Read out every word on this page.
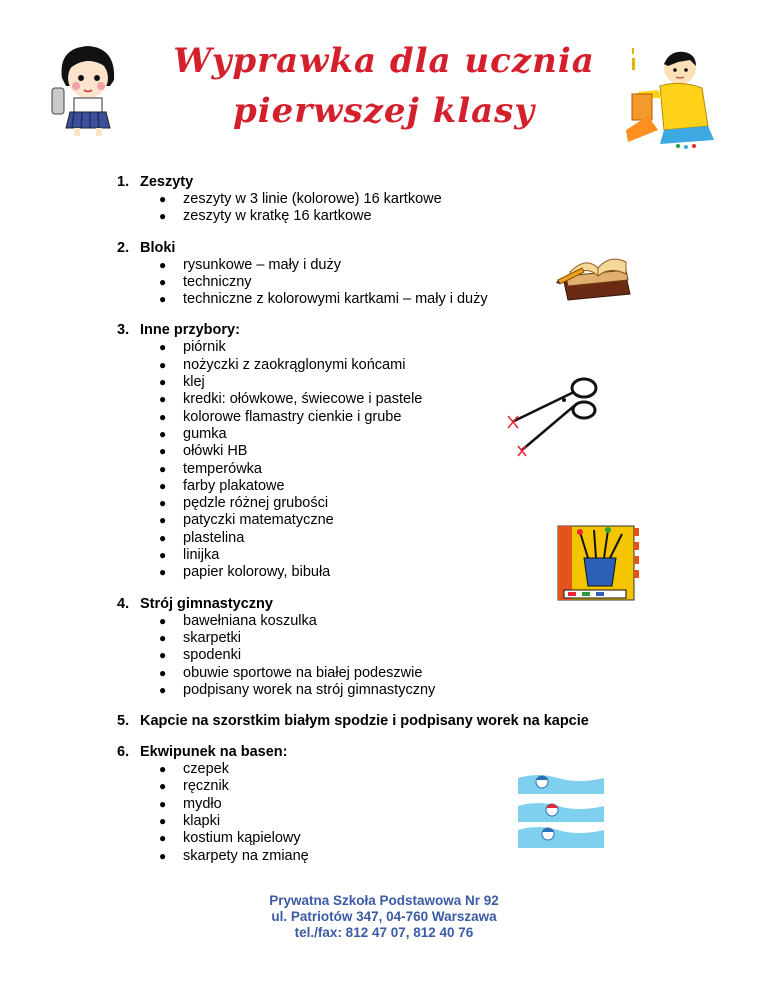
Wyprawka dla ucznia
pierwszej klasy
1. Zeszyty
● zeszyty w 3 linie (kolorowe) 16 kartkowe
● zeszyty w kratkę 16 kartkowe
2. Bloki
● rysunkowe – mały i duży
● techniczny
● techniczne z kolorowymi kartkami – mały i duży
3. Inne przybory:
● piórnik
● nożyczki z zaokrąglonymi końcami
● klej
● kredki: ołówkowe, świecowe i pastele
● kolorowe flamastry cienkie i grube
● gumka
● ołówki HB
● temperówka
● farby plakatowe
● pędzle różnej grubości
● patyczki matematyczne
● plastelina
● linijka
● papier kolorowy, bibuła
4. Strój gimnastyczny
● bawełniana koszulka
● skarpetki
● spodenki
● obuwie sportowe na białej podeszwie
● podpisany worek na strój gimnastyczny
5. Kapcie na szorstkim białym spodzie i podpisany worek na kapcie
6. Ekwipunek na basen:
● czepek
● ręcznik
● mydło
● klapki
● kostium kąpielowy
● skarpety na zmianę
Prywatna Szkoła Podstawowa Nr 92
ul. Patriotów 347, 04-760 Warszawa
tel./fax: 812 47 07, 812 40 76
